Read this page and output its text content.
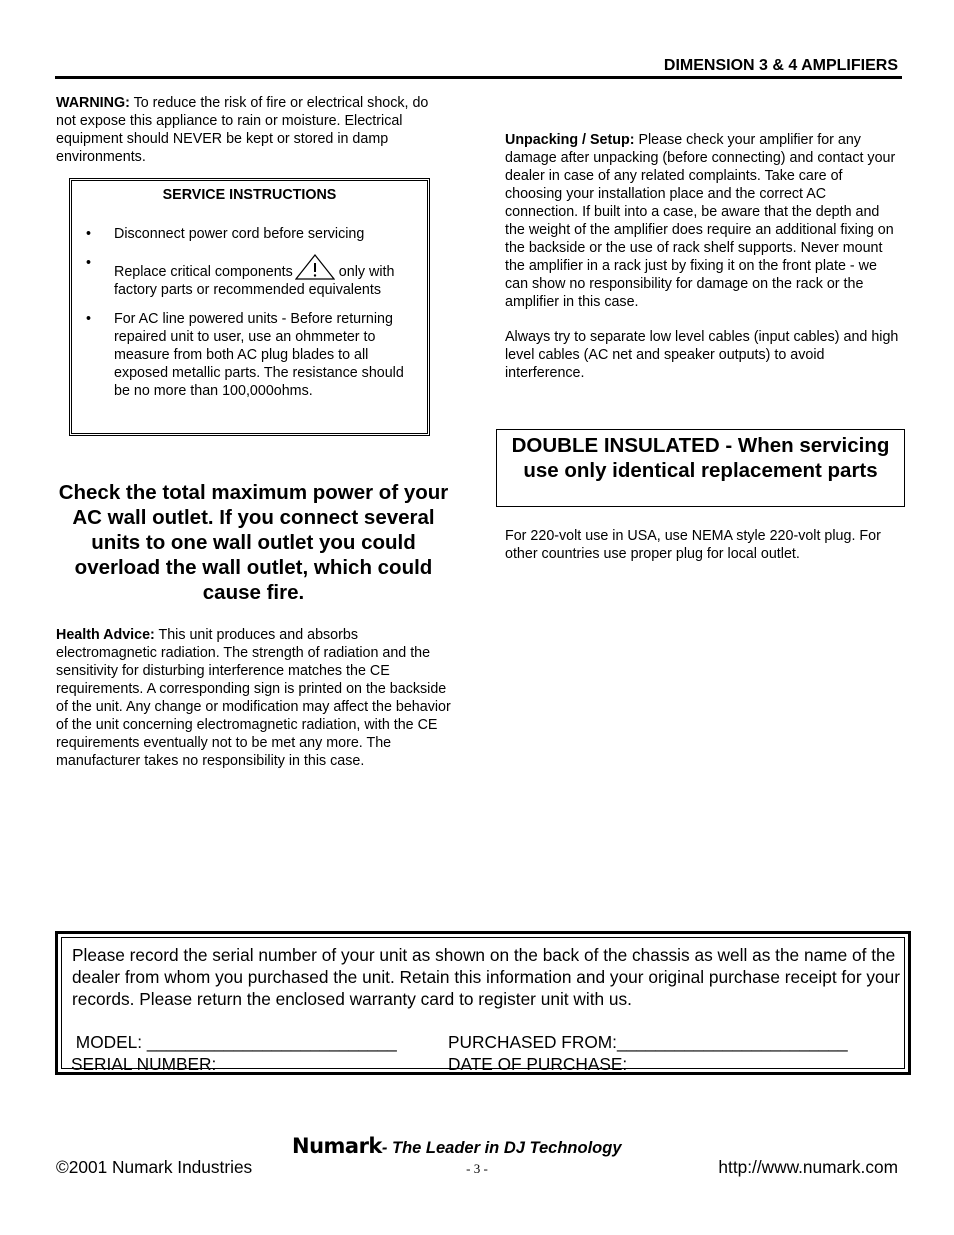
DIMENSION 3 & 4 AMPLIFIERS
WARNING: To reduce the risk of fire or electrical shock, do not expose this appliance to rain or moisture. Electrical equipment should NEVER be kept or stored in damp environments.
SERVICE INSTRUCTIONS
• Disconnect power cord before servicing
•
Replace critical components	only with factory parts or recommended equivalents
• For AC line powered units - Before returning repaired unit to user, use an ohmmeter to measure from both AC plug blades to all exposed metallic parts. The resistance should be no more than 100,000ohms.
Check the total maximum power of your AC wall outlet. If you connect several units to one wall outlet you could overload the wall outlet, which could cause fire.
Health Advice: This unit produces and absorbs electromagnetic radiation. The strength of radiation and the sensitivity for disturbing interference matches the CE requirements. A corresponding sign is printed on the backside of the unit. Any change or modification may affect the behavior of the unit concerning electromagnetic radiation, with the CE requirements eventually not to be met any more. The manufacturer takes no responsibility in this case.
Unpacking / Setup: Please check your amplifier for any damage after unpacking (before connecting) and contact your dealer in case of any related complaints. Take care of choosing your installation place and the correct AC connection. If built into a case, be aware that the depth and the weight of the amplifier does require an additional fixing on the backside or the use of rack shelf supports. Never mount the amplifier in a rack just by fixing it on the front plate - we can show no responsibility for damage on the rack or the amplifier in this case.
Always try to separate low level cables (input cables) and high level cables (AC net and speaker outputs) to avoid interference.
DOUBLE INSULATED - When servicing use only identical replacement parts
For 220-volt use in USA, use NEMA style 220-volt plug. For other countries use proper plug for local outlet.
Please record the serial number of your unit as shown on the back of the chassis as well as the name of the dealer from whom you purchased the unit. Retain this information and your original purchase receipt for your records. Please return the enclosed warranty card to register unit with us.
MODEL: __________________________	PURCHASED FROM:________________________
SERIAL NUMBER:___________________	DATE OF PURCHASE:________________________
Numark- The Leader in DJ Technology
©2001 Numark Industries	- 3 -	http://www.numark.com
